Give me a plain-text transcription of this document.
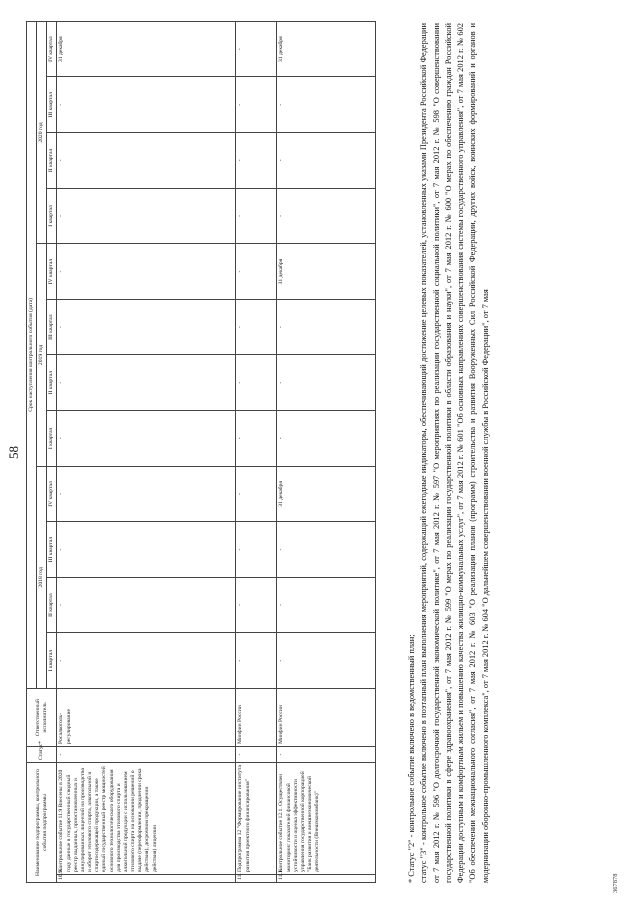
58
Наименование подпрограммы, контрольного события подпрограммы		Статус*	Ответственный исполнитель	Срок наступления контрольного события (дата)											
				2018 год				2019 год				2020 год			
				I квартал	II квартал	III квартал	IV квартал	I квартал	II квартал	III квартал	IV квартал	I квартал	II квартал	III квартал	IV квартал
10.9.	Контрольное событие 11.9 Внесены в 2020 году данные в государственный сводный реестр выданных, приостановленных и аннулированных лицензий на производство и оборот этилового спирта, алкогольной и спиртосодержащей продукции, а также единый государственный реестр мощностей основного технологического оборудования для производства этилового спирта и алкогольной продукции с использованием этилового спирта на основании решений о выдаче (переоформлении, продлении срока действия), досрочном прекращении действия) лицензии	-	Росалкогольрегулирование	-	-	-	-	-	-	-	-	-	-	-	31 декабря
11.	Подпрограмма 12 "Формирование института развития проектного финансирования"	-	Минфин России	-	-	-	-	-	-	-	-	-	-	-	-
11.1.	Контрольное событие 12.1. Осуществлен мониторинг показателей финансовой устойчивости и оценка эффективности управления государственной корпорацией "Банк развития и внешнеэкономической деятельности (Внешэкономбанк)"	-	Минфин России	-	-	-	31 декабря	-	-	-	31 декабря	-	-	-	31 декабря

* Статус "2" - контрольное событие включено в ведомственный план; статус "3" - контрольное событие включено в поэтапный план выполнения мероприятий, содержащий ежегодные индикаторы, обеспечивающий достижение целевых показателей, установленных указами Президента Российской Федерации от 7 мая 2012 г. № 596 "О долгосрочной государственной экономической политике", от 7 мая 2012 г. № 597 "О мероприятиях по реализации государственной социальной политики", от 7 мая 2012 г. № 598 "О совершенствовании государственной политики в сфере здравоохранения", от 7 мая 2012 г. № 599 "О мерах по реализации государственной политики в области образования и науки", от 7 мая 2012 г. № 600 "О мерах по обеспечению граждан Российской Федерации доступным и комфортным жильем и повышению качества жилищно-коммунальных услуг", от 7 мая 2012 г. № 601 "Об основных направлениях совершенствования системы государственного управления", от 7 мая 2012 г. № 602 "Об обеспечении межнационального согласия", от 7 мая 2012 г. № 603 "О реализации планов (программ) строительства и развития Вооруженных Сил Российской Федерации, других войск, воинских формирований и органов и модернизации оборонно-промышленного комплекса", от 7 мая 2012 г. № 604 "О дальнейшем совершенствовании военной службы в Российской Федерации", от 7 мая

367878
